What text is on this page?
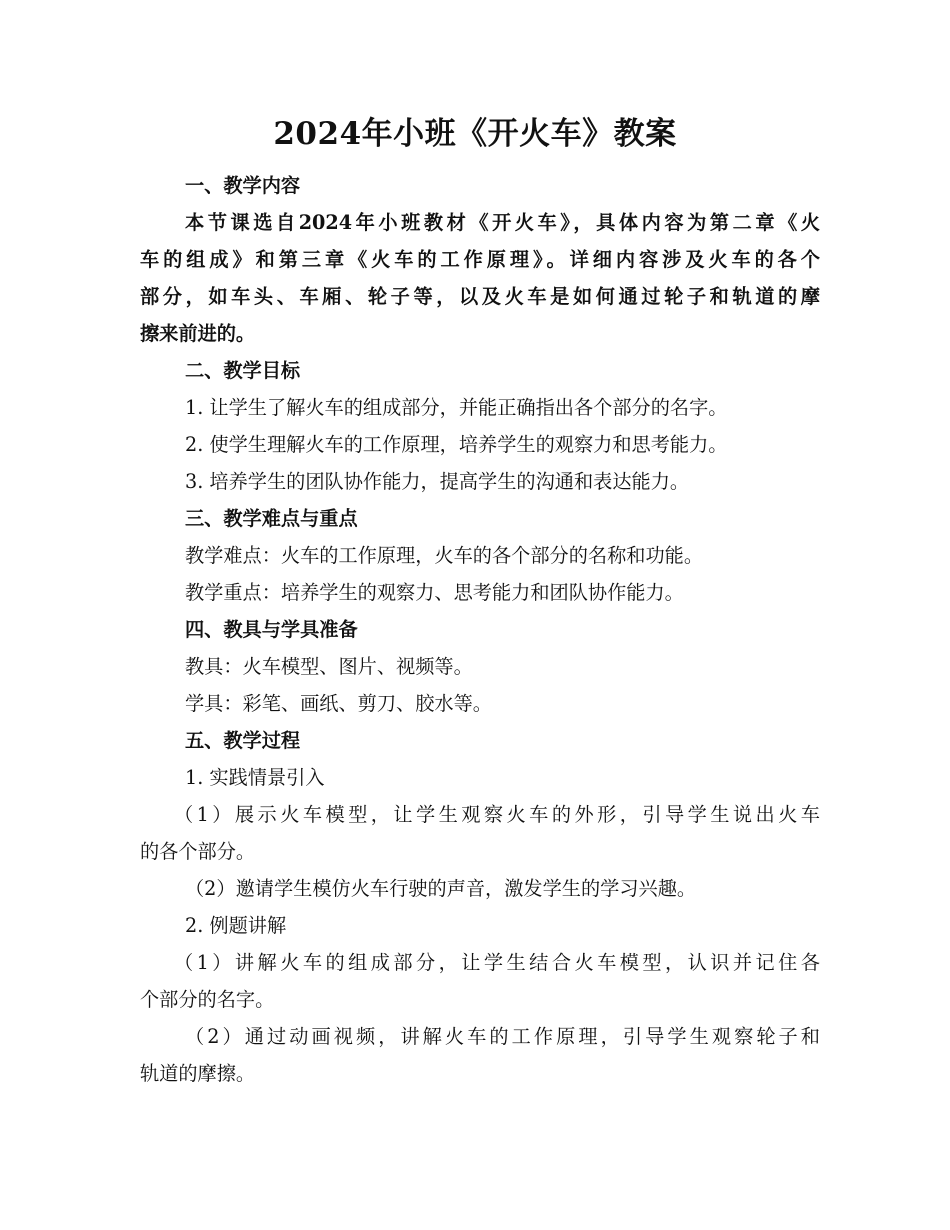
2024年小班《开火车》教案
一、教学内容
本节课选自2024年小班教材《开火车》，具体内容为第二章《火
车的组成》和第三章《火车的工作原理》。详细内容涉及火车的各个
部分，如车头、车厢、轮子等，以及火车是如何通过轮子和轨道的摩
擦来前进的。
二、教学目标
1. 让学生了解火车的组成部分，并能正确指出各个部分的名字。
2. 使学生理解火车的工作原理，培养学生的观察力和思考能力。
3. 培养学生的团队协作能力，提高学生的沟通和表达能力。
三、教学难点与重点
教学难点：火车的工作原理，火车的各个部分的名称和功能。
教学重点：培养学生的观察力、思考能力和团队协作能力。
四、教具与学具准备
教具：火车模型、图片、视频等。
学具：彩笔、画纸、剪刀、胶水等。
五、教学过程
1. 实践情景引入
（1）展示火车模型，让学生观察火车的外形，引导学生说出火车
的各个部分。
（2）邀请学生模仿火车行驶的声音，激发学生的学习兴趣。
2. 例题讲解
（1）讲解火车的组成部分，让学生结合火车模型，认识并记住各
个部分的名字。
（2）通过动画视频，讲解火车的工作原理，引导学生观察轮子和
轨道的摩擦。
